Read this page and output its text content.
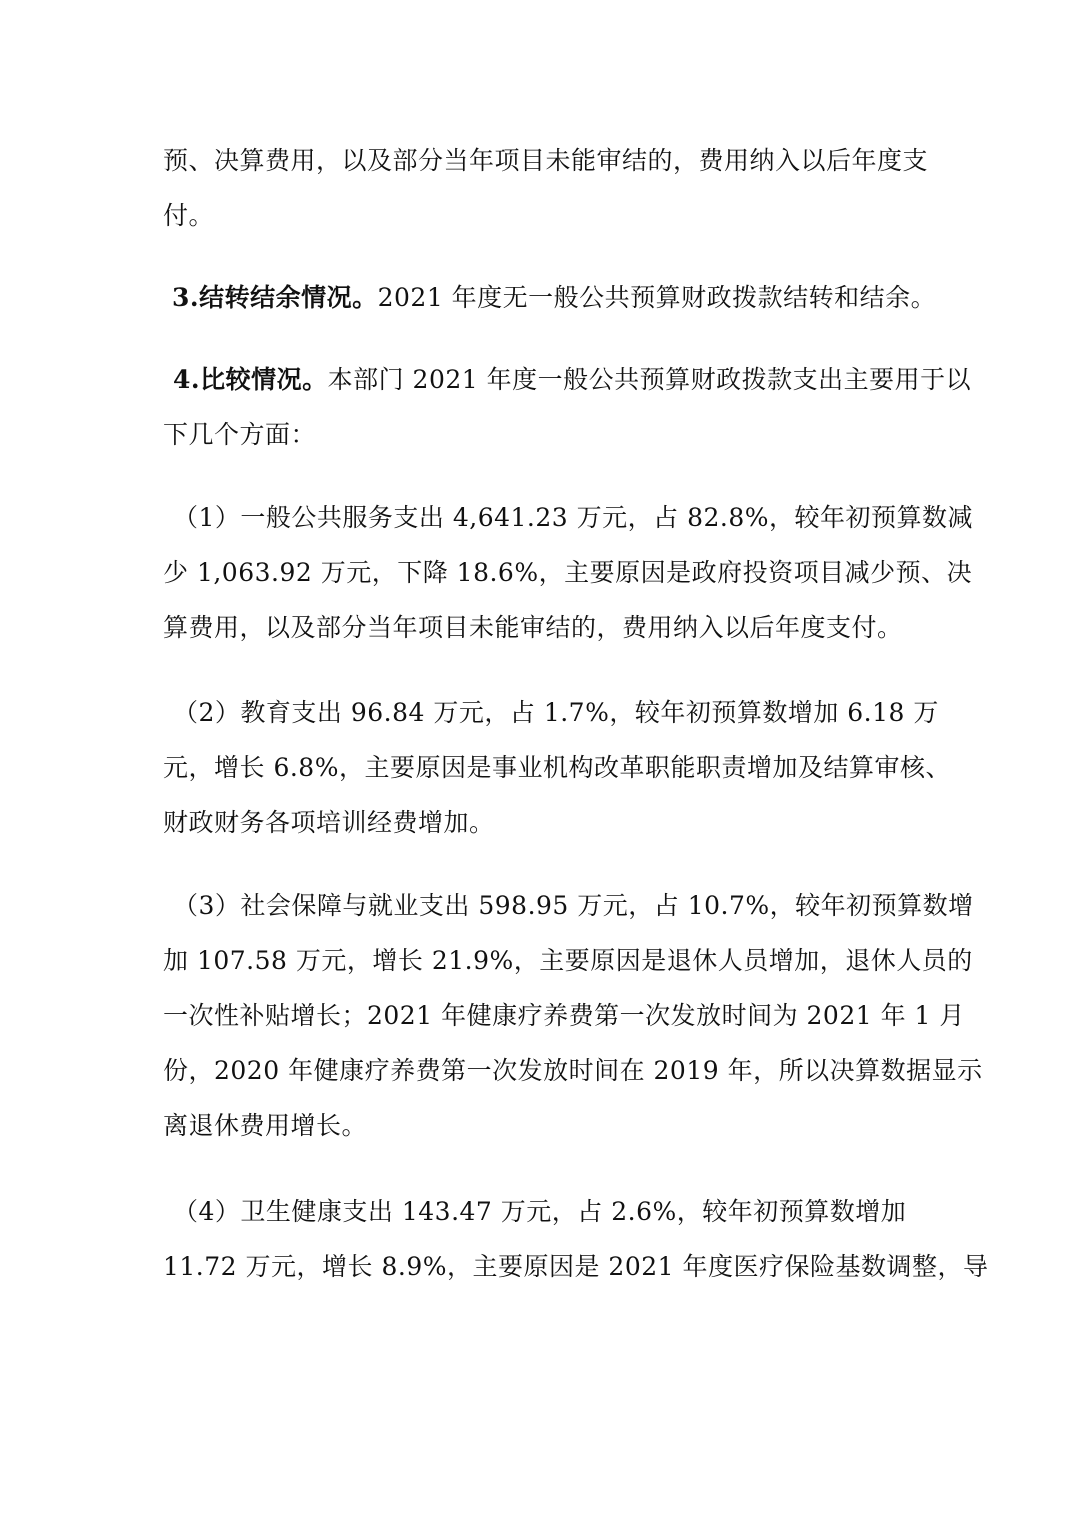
预、决算费用，以及部分当年项目未能审结的，费用纳入以后年度支
付。

3.结转结余情况。2021 年度无一般公共预算财政拨款结转和结余。

4.比较情况。本部门 2021 年度一般公共预算财政拨款支出主要用于以
下几个方面：

（1）一般公共服务支出 4,641.23 万元，占 82.8%，较年初预算数减
少 1,063.92 万元，下降 18.6%，主要原因是政府投资项目减少预、决
算费用，以及部分当年项目未能审结的，费用纳入以后年度支付。

（2）教育支出 96.84 万元，占 1.7%，较年初预算数增加 6.18 万
元，增长 6.8%，主要原因是事业机构改革职能职责增加及结算审核、
财政财务各项培训经费增加。

（3）社会保障与就业支出 598.95 万元，占 10.7%，较年初预算数增
加 107.58 万元，增长 21.9%，主要原因是退休人员增加，退休人员的
一次性补贴增长；2021 年健康疗养费第一次发放时间为 2021 年 1 月
份，2020 年健康疗养费第一次发放时间在 2019 年，所以决算数据显示
离退休费用增长。

（4）卫生健康支出 143.47 万元，占 2.6%，较年初预算数增加
11.72 万元，增长 8.9%，主要原因是 2021 年度医疗保险基数调整，导
